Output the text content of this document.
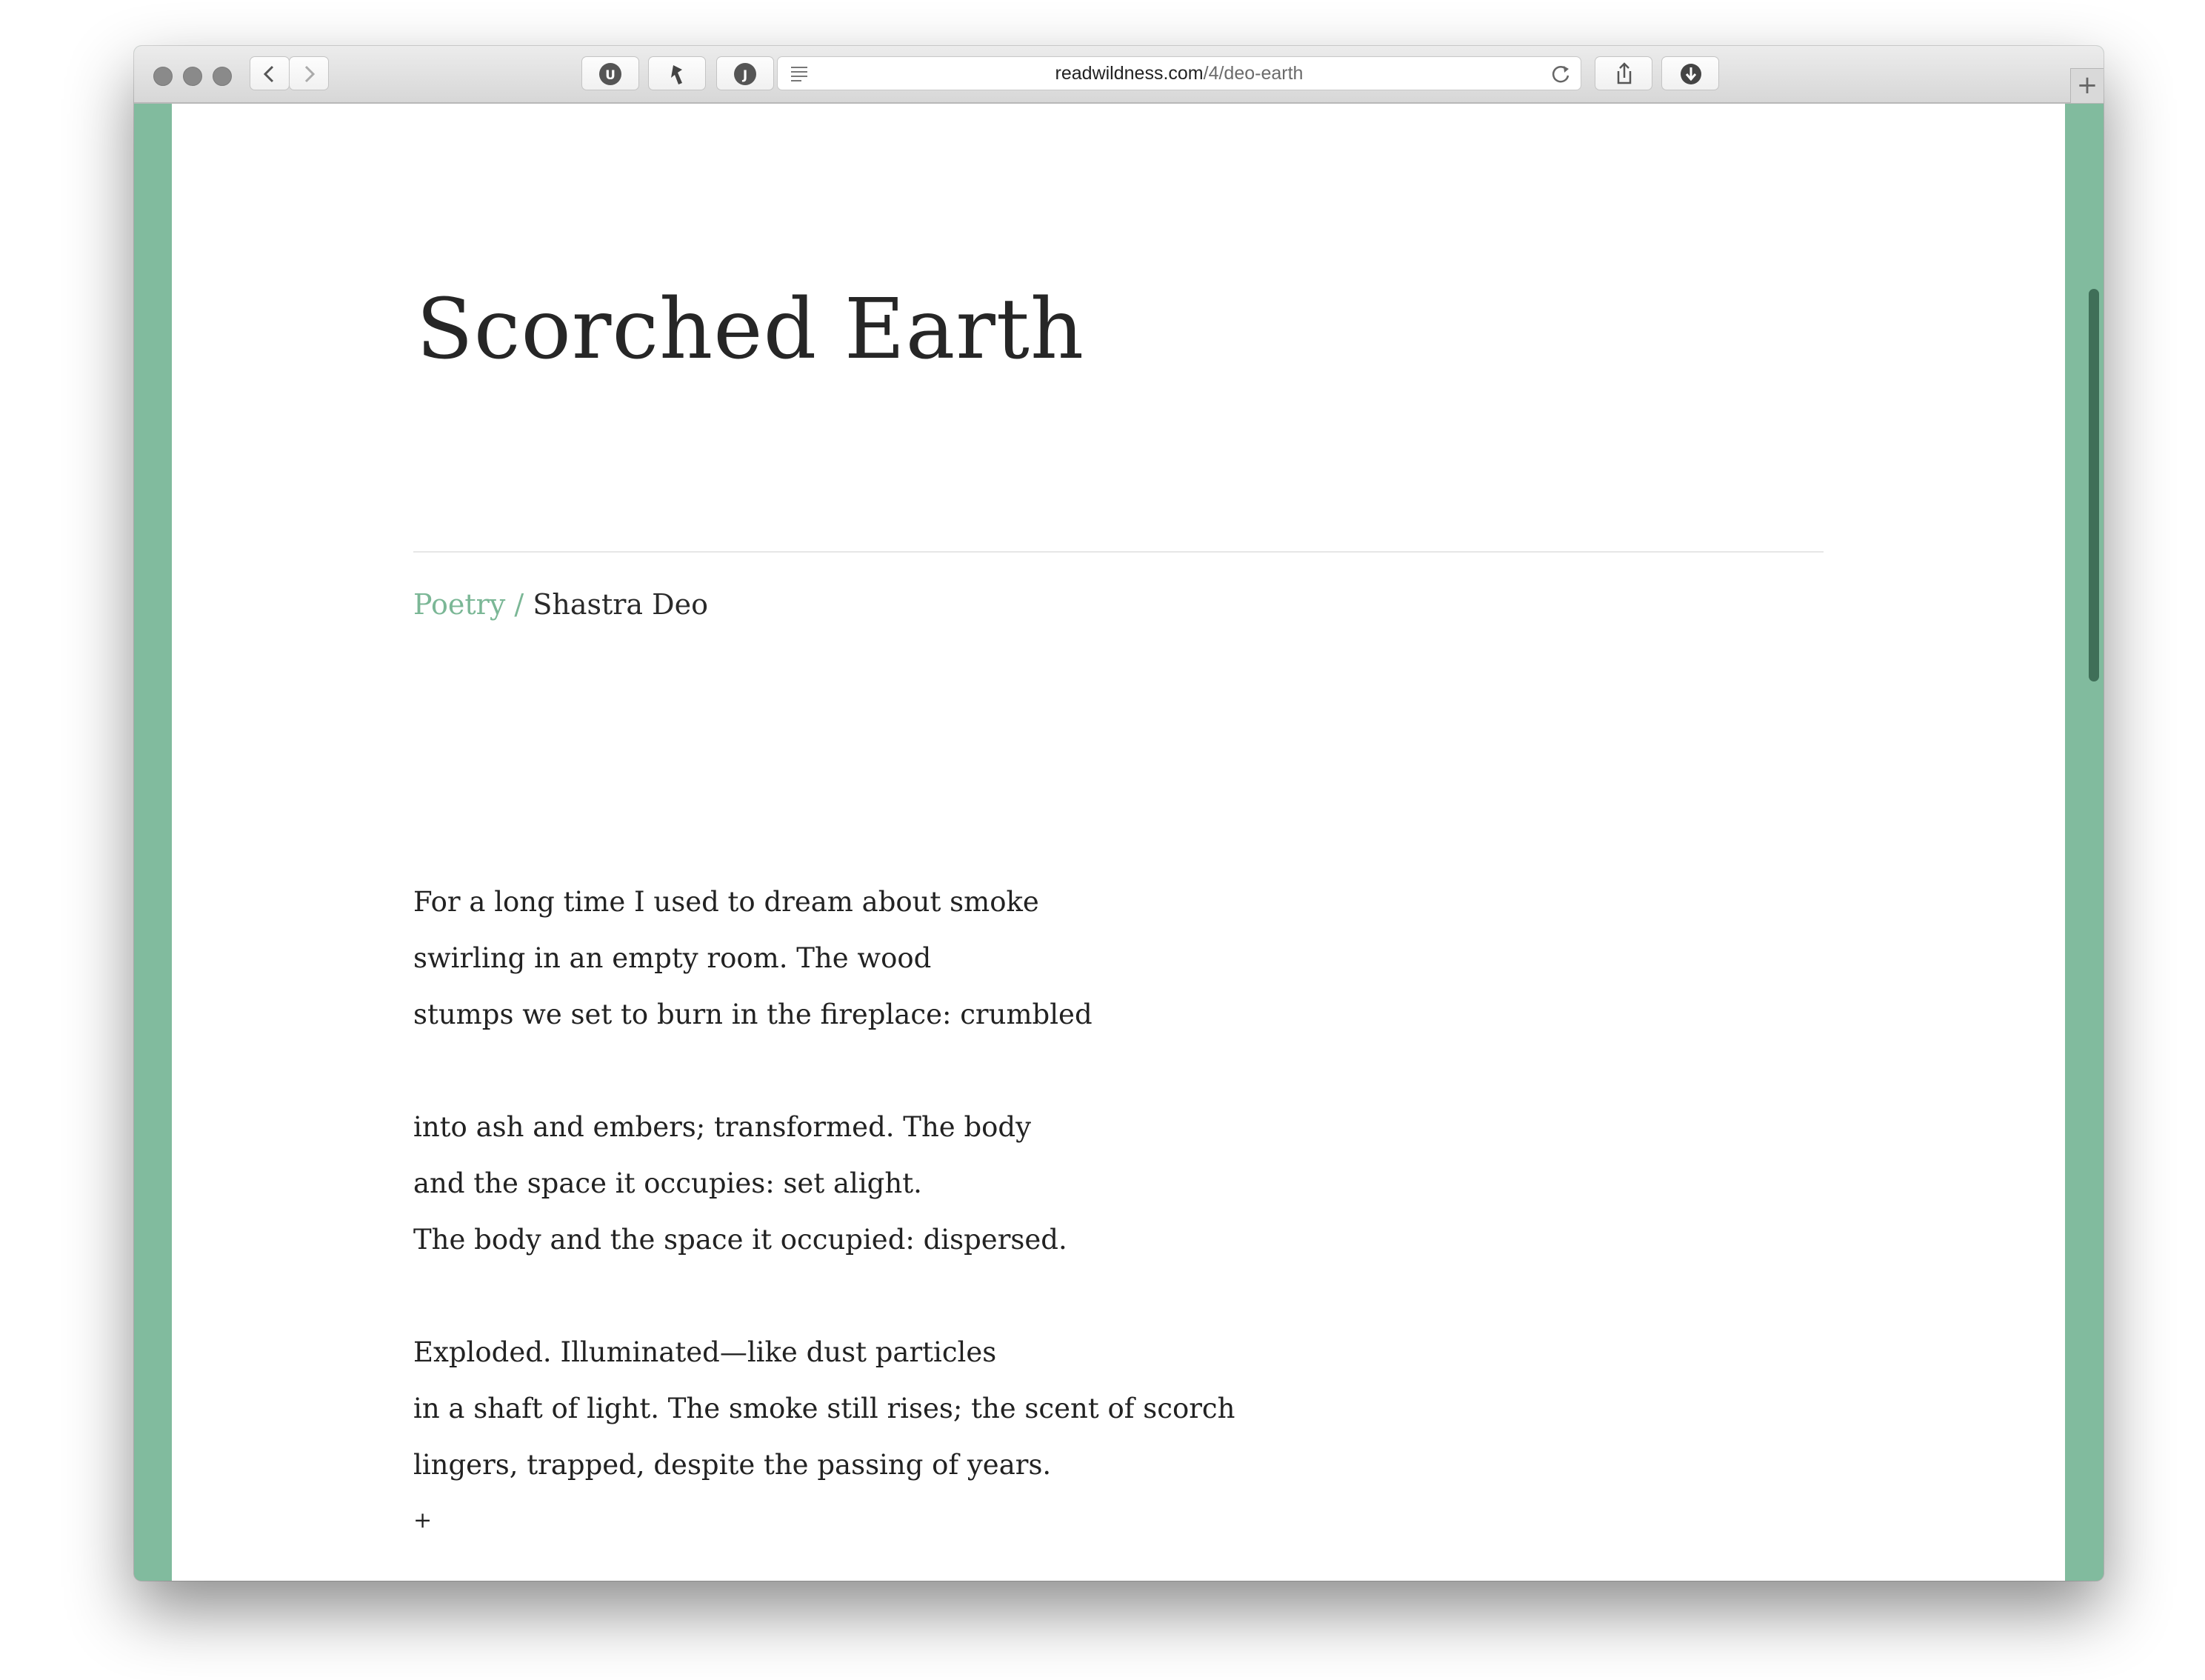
U	J	readwildness.com/4/deo-earth	+
Scorched Earth
Poetry / Shastra Deo
For a long time I used to dream about smoke
swirling in an empty room. The wood
stumps we set to burn in the fireplace: crumbled
into ash and embers; transformed. The body
and the space it occupies: set alight.
The body and the space it occupied: dispersed.
Exploded. Illuminated—like dust particles
in a shaft of light. The smoke still rises; the scent of scorch
lingers, trapped, despite the passing of years.
+
